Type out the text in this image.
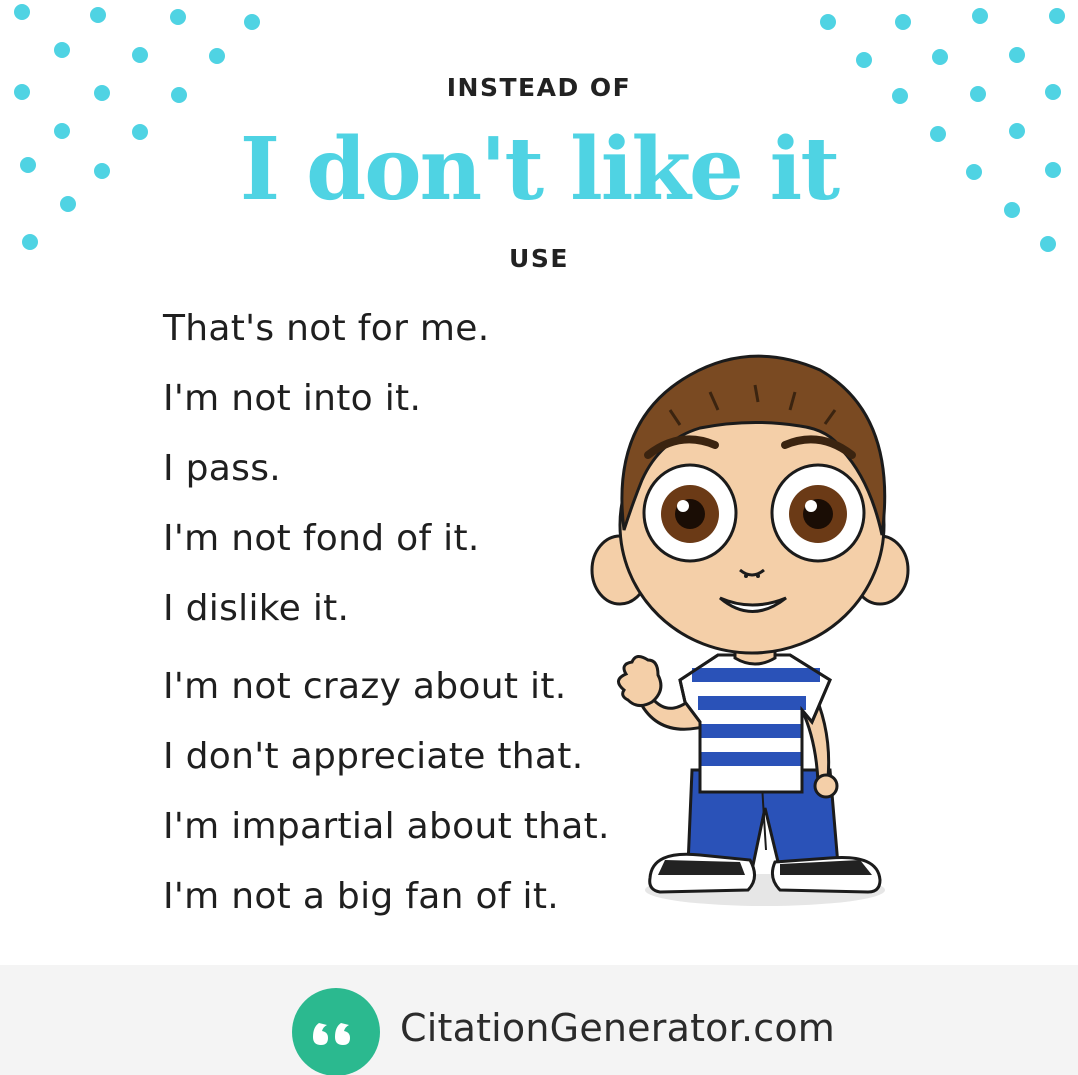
INSTEAD OF
I don't like it
USE
That's not for me.
I'm not into it.
I pass.
I'm not fond of it.
I dislike it.
I'm not crazy about it.
I don't appreciate that.
I'm impartial about that.
I'm not a big fan of it.
CitationGenerator.com
